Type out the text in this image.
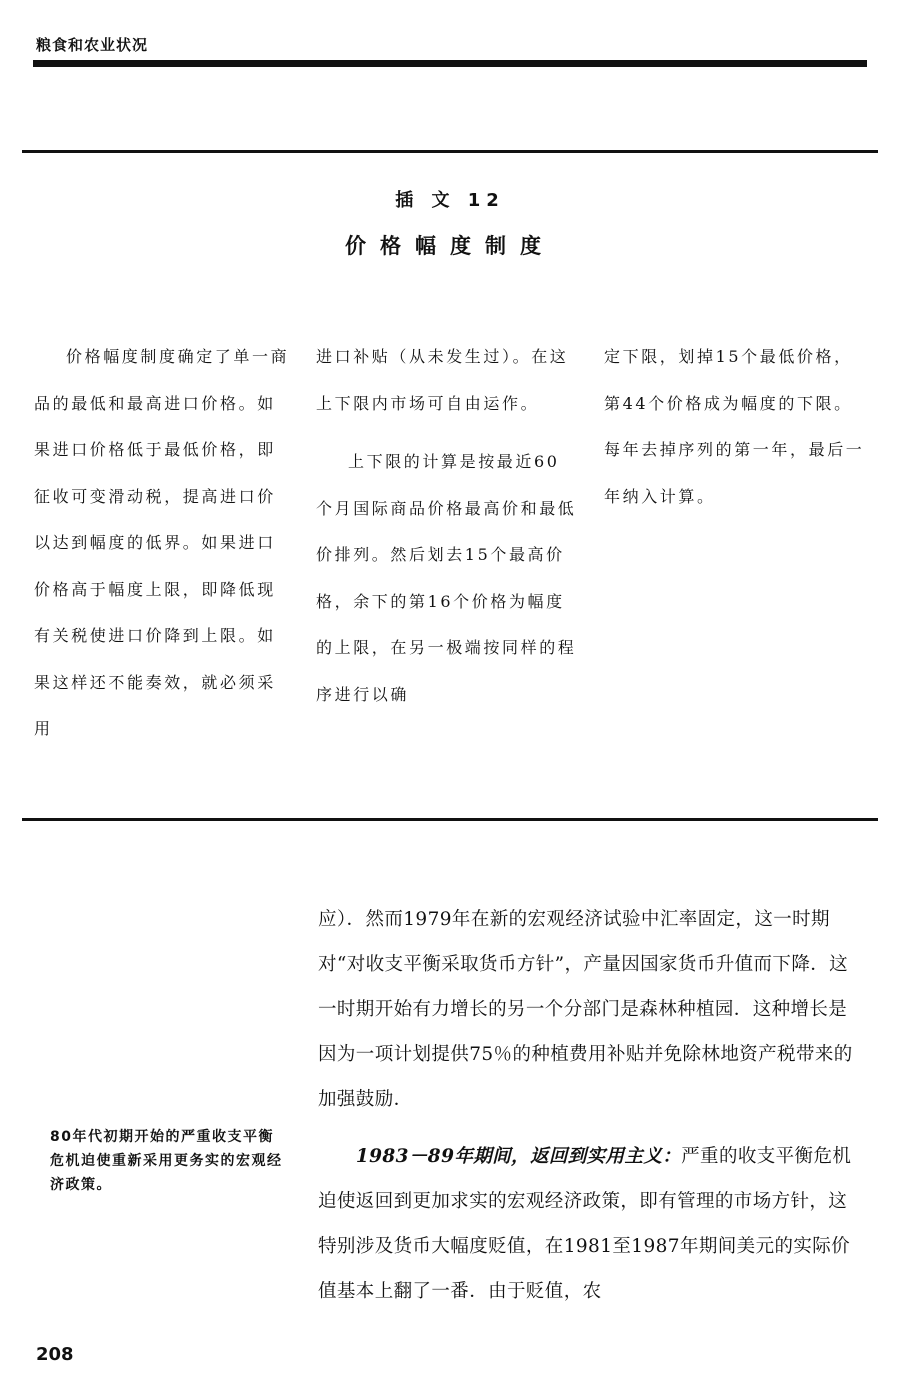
粮食和农业状况
插 文 12
价格幅度制度

价格幅度制度确定了单一商品的最低和最高进口价格。如果进口价格低于最低价格，即征收可变滑动税，提高进口价以达到幅度的低界。如果进口价格高于幅度上限，即降低现有关税使进口价降到上限。如果这样还不能奏效，就必须采用

进口补贴（从未发生过）。在这上下限内市场可自由运作。

上下限的计算是按最近60个月国际商品价格最高价和最低价排列。然后划去15个最高价格，余下的第16个价格为幅度的上限，在另一极端按同样的程序进行以确

定下限，划掉15个最低价格，第44个价格成为幅度的下限。每年去掉序列的第一年，最后一年纳入计算。

应）．然而1979年在新的宏观经济试验中汇率固定，这一时期对“对收支平衡采取货币方针”，产量因国家货币升值而下降．这一时期开始有力增长的另一个分部门是森林种植园．这种增长是因为一项计划提供75％的种植费用补贴并免除林地资产税带来的加强鼓励．

　　1983－89年期间，返回到实用主义：严重的收支平衡危机迫使返回到更加求实的宏观经济政策，即有管理的市场方针，这特别涉及货币大幅度贬值，在1981至1987年期间美元的实际价值基本上翻了一番．由于贬值，农

80年代初期开始的严重收支平衡危机迫使重新采用更务实的宏观经济政策。
208
